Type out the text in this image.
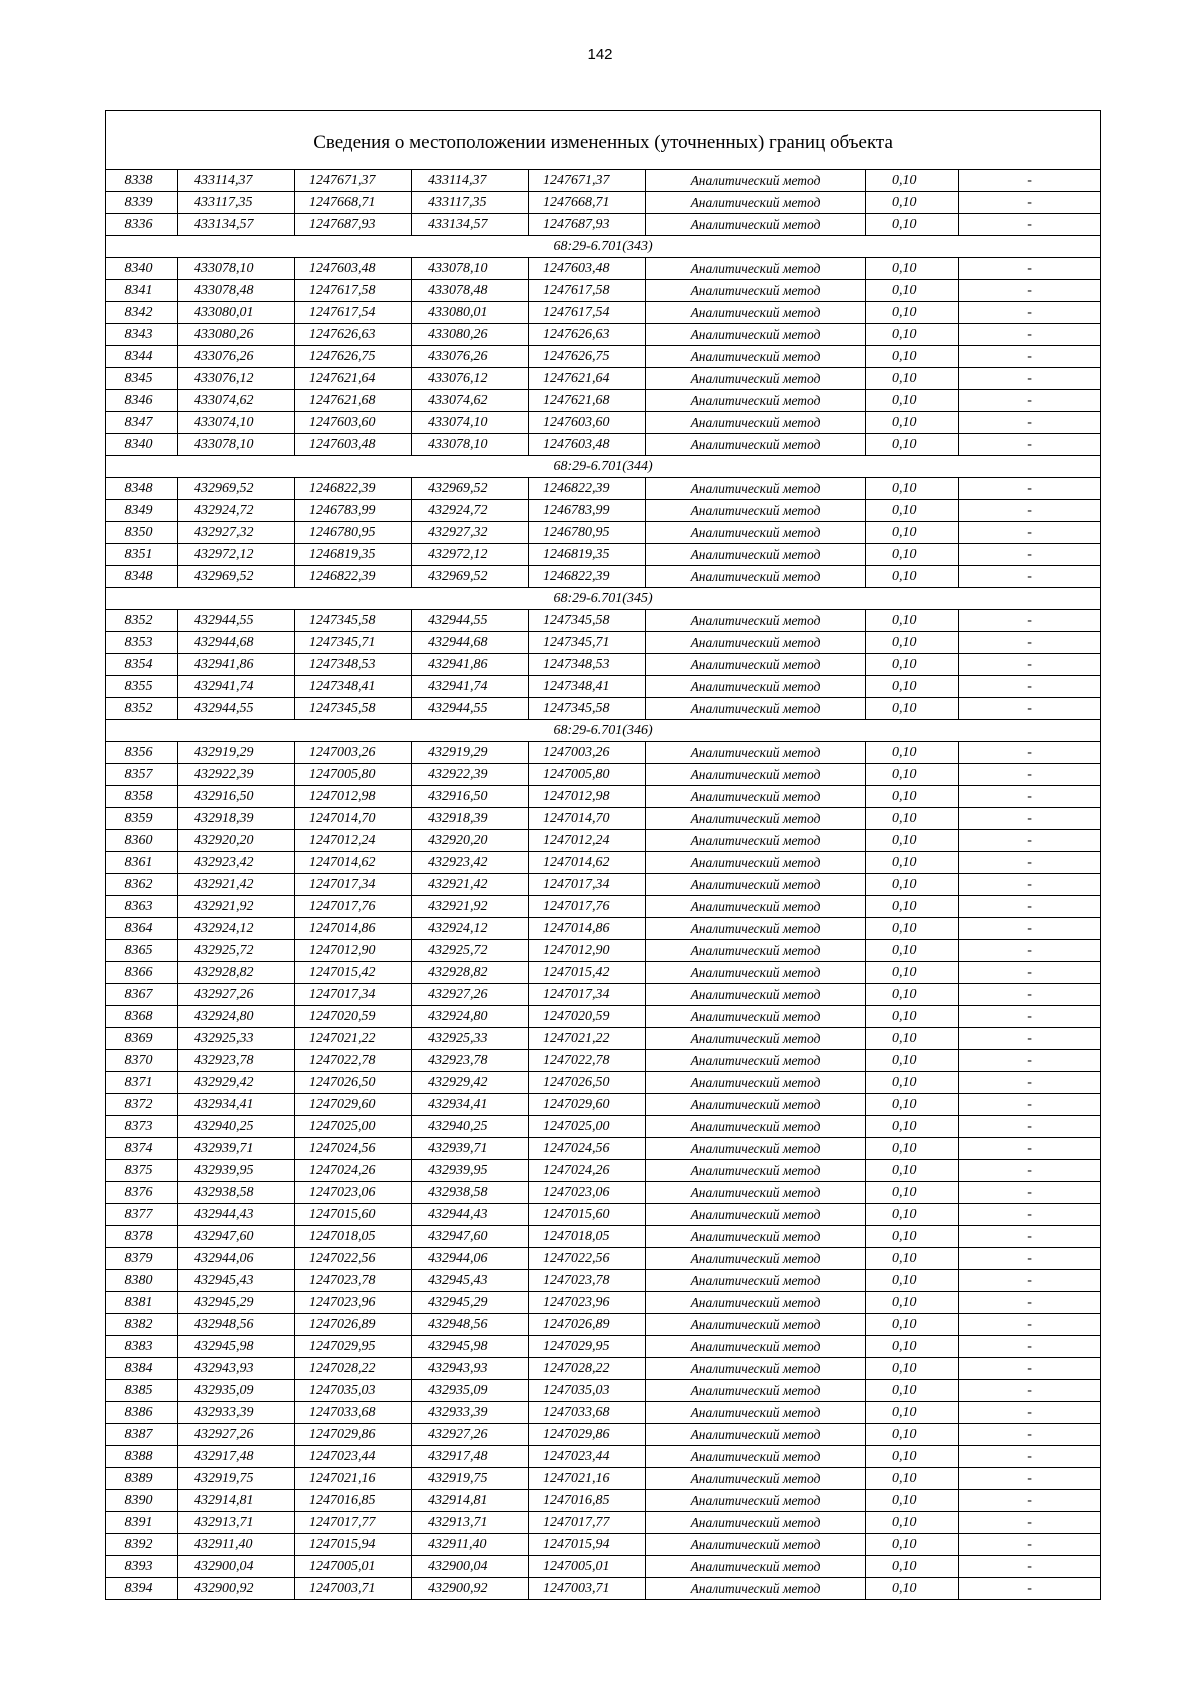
142
Сведения о местоположении измененных (уточненных) границ объекта							
8338	433114,37	1247671,37	433114,37	1247671,37	Аналитический метод	0,10	-
8339	433117,35	1247668,71	433117,35	1247668,71	Аналитический метод	0,10	-
8336	433134,57	1247687,93	433134,57	1247687,93	Аналитический метод	0,10	-
68:29-6.701(343)							
8340	433078,10	1247603,48	433078,10	1247603,48	Аналитический метод	0,10	-
8341	433078,48	1247617,58	433078,48	1247617,58	Аналитический метод	0,10	-
8342	433080,01	1247617,54	433080,01	1247617,54	Аналитический метод	0,10	-
8343	433080,26	1247626,63	433080,26	1247626,63	Аналитический метод	0,10	-
8344	433076,26	1247626,75	433076,26	1247626,75	Аналитический метод	0,10	-
8345	433076,12	1247621,64	433076,12	1247621,64	Аналитический метод	0,10	-
8346	433074,62	1247621,68	433074,62	1247621,68	Аналитический метод	0,10	-
8347	433074,10	1247603,60	433074,10	1247603,60	Аналитический метод	0,10	-
8340	433078,10	1247603,48	433078,10	1247603,48	Аналитический метод	0,10	-
68:29-6.701(344)							
8348	432969,52	1246822,39	432969,52	1246822,39	Аналитический метод	0,10	-
8349	432924,72	1246783,99	432924,72	1246783,99	Аналитический метод	0,10	-
8350	432927,32	1246780,95	432927,32	1246780,95	Аналитический метод	0,10	-
8351	432972,12	1246819,35	432972,12	1246819,35	Аналитический метод	0,10	-
8348	432969,52	1246822,39	432969,52	1246822,39	Аналитический метод	0,10	-
68:29-6.701(345)							
8352	432944,55	1247345,58	432944,55	1247345,58	Аналитический метод	0,10	-
8353	432944,68	1247345,71	432944,68	1247345,71	Аналитический метод	0,10	-
8354	432941,86	1247348,53	432941,86	1247348,53	Аналитический метод	0,10	-
8355	432941,74	1247348,41	432941,74	1247348,41	Аналитический метод	0,10	-
8352	432944,55	1247345,58	432944,55	1247345,58	Аналитический метод	0,10	-
68:29-6.701(346)							
8356	432919,29	1247003,26	432919,29	1247003,26	Аналитический метод	0,10	-
8357	432922,39	1247005,80	432922,39	1247005,80	Аналитический метод	0,10	-
8358	432916,50	1247012,98	432916,50	1247012,98	Аналитический метод	0,10	-
8359	432918,39	1247014,70	432918,39	1247014,70	Аналитический метод	0,10	-
8360	432920,20	1247012,24	432920,20	1247012,24	Аналитический метод	0,10	-
8361	432923,42	1247014,62	432923,42	1247014,62	Аналитический метод	0,10	-
8362	432921,42	1247017,34	432921,42	1247017,34	Аналитический метод	0,10	-
8363	432921,92	1247017,76	432921,92	1247017,76	Аналитический метод	0,10	-
8364	432924,12	1247014,86	432924,12	1247014,86	Аналитический метод	0,10	-
8365	432925,72	1247012,90	432925,72	1247012,90	Аналитический метод	0,10	-
8366	432928,82	1247015,42	432928,82	1247015,42	Аналитический метод	0,10	-
8367	432927,26	1247017,34	432927,26	1247017,34	Аналитический метод	0,10	-
8368	432924,80	1247020,59	432924,80	1247020,59	Аналитический метод	0,10	-
8369	432925,33	1247021,22	432925,33	1247021,22	Аналитический метод	0,10	-
8370	432923,78	1247022,78	432923,78	1247022,78	Аналитический метод	0,10	-
8371	432929,42	1247026,50	432929,42	1247026,50	Аналитический метод	0,10	-
8372	432934,41	1247029,60	432934,41	1247029,60	Аналитический метод	0,10	-
8373	432940,25	1247025,00	432940,25	1247025,00	Аналитический метод	0,10	-
8374	432939,71	1247024,56	432939,71	1247024,56	Аналитический метод	0,10	-
8375	432939,95	1247024,26	432939,95	1247024,26	Аналитический метод	0,10	-
8376	432938,58	1247023,06	432938,58	1247023,06	Аналитический метод	0,10	-
8377	432944,43	1247015,60	432944,43	1247015,60	Аналитический метод	0,10	-
8378	432947,60	1247018,05	432947,60	1247018,05	Аналитический метод	0,10	-
8379	432944,06	1247022,56	432944,06	1247022,56	Аналитический метод	0,10	-
8380	432945,43	1247023,78	432945,43	1247023,78	Аналитический метод	0,10	-
8381	432945,29	1247023,96	432945,29	1247023,96	Аналитический метод	0,10	-
8382	432948,56	1247026,89	432948,56	1247026,89	Аналитический метод	0,10	-
8383	432945,98	1247029,95	432945,98	1247029,95	Аналитический метод	0,10	-
8384	432943,93	1247028,22	432943,93	1247028,22	Аналитический метод	0,10	-
8385	432935,09	1247035,03	432935,09	1247035,03	Аналитический метод	0,10	-
8386	432933,39	1247033,68	432933,39	1247033,68	Аналитический метод	0,10	-
8387	432927,26	1247029,86	432927,26	1247029,86	Аналитический метод	0,10	-
8388	432917,48	1247023,44	432917,48	1247023,44	Аналитический метод	0,10	-
8389	432919,75	1247021,16	432919,75	1247021,16	Аналитический метод	0,10	-
8390	432914,81	1247016,85	432914,81	1247016,85	Аналитический метод	0,10	-
8391	432913,71	1247017,77	432913,71	1247017,77	Аналитический метод	0,10	-
8392	432911,40	1247015,94	432911,40	1247015,94	Аналитический метод	0,10	-
8393	432900,04	1247005,01	432900,04	1247005,01	Аналитический метод	0,10	-
8394	432900,92	1247003,71	432900,92	1247003,71	Аналитический метод	0,10	-
